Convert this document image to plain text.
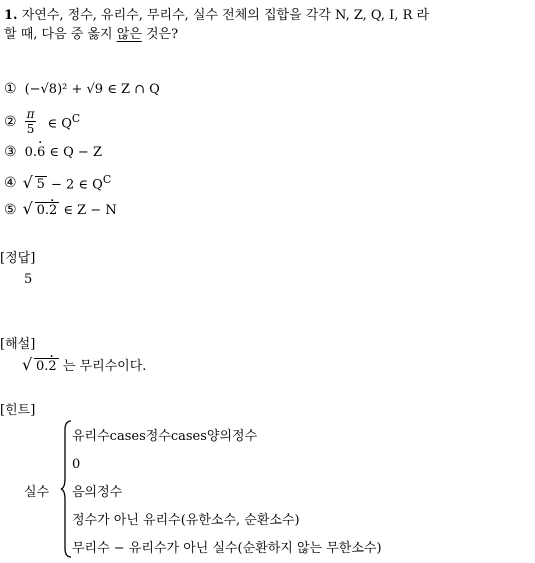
1. 자연수, 정수, 유리수, 무리수, 실수 전체의 집합을 각각 N, Z, Q, I, R 라
할 때, 다음 중 옳지 않은 것은?
① (−√8)² + √9 ∈ Z ∩ Q
② $\frac{\pi}{5}$ ∈ $Q^C$
③ 0.6 · ∈ Q − Z
④	√ 5 − 2 ∈ $Q^C$
⑤	√ 0.2 · ∈ Z − N
[정답]
5
[해설]
√ 0.2 · 는 무리수이다.
[힌트]
실수
유리수cases정수cases양의정수
0
음의정수
정수가 아닌 유리수(유한소수, 순환소수)
무리수 − 유리수가 아닌 실수(순환하지 않는 무한소수)
